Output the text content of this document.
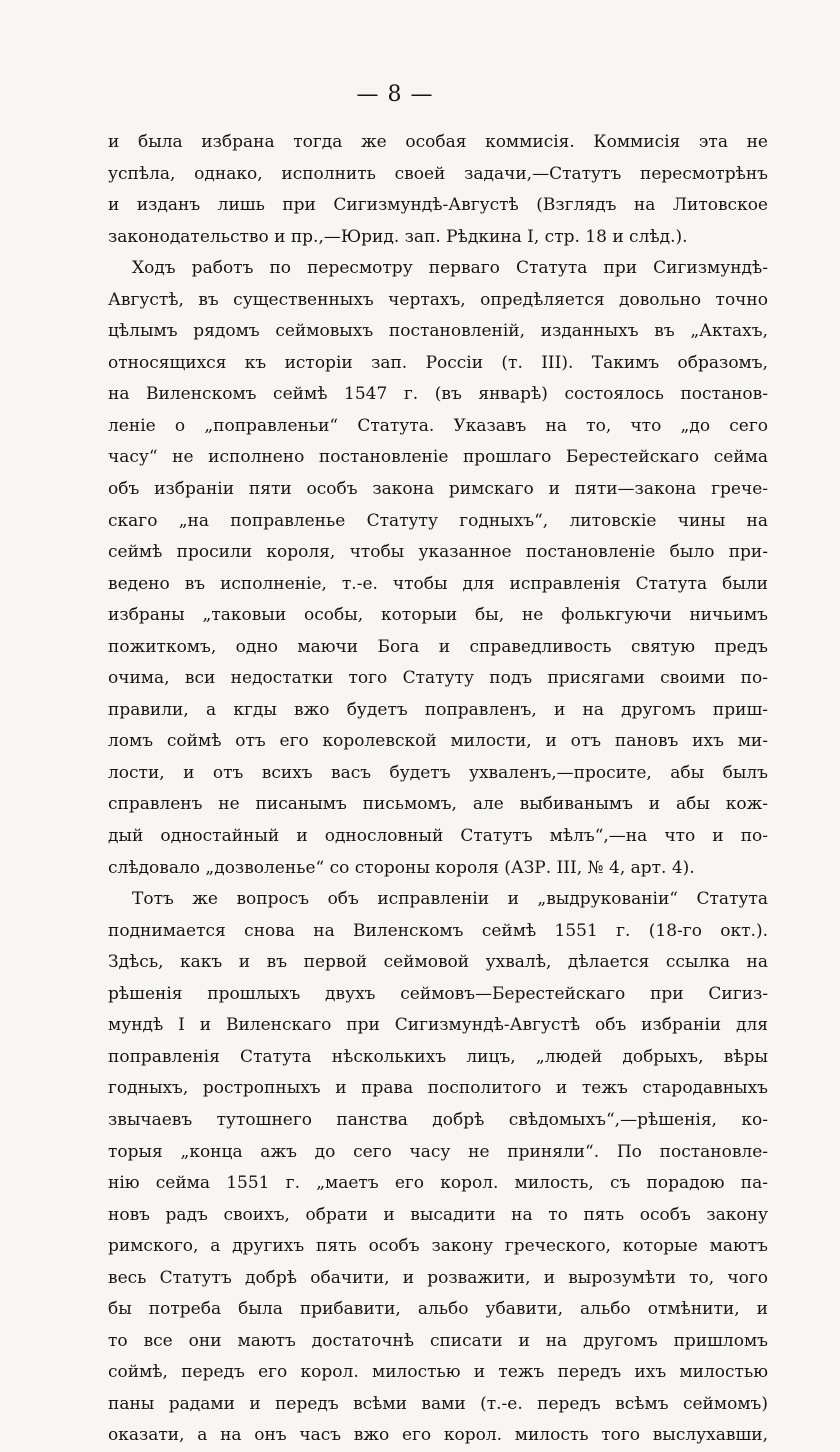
— 8 —
и была избрана тогда же особая коммисія. Коммисія эта не
успѣла, однако, исполнить своей задачи,—Статутъ пересмотрѣнъ
и изданъ лишь при Сигизмундѣ-Августѣ (Взглядъ на Литовское
законодательство и пр.,—Юрид. зап. Рѣдкина I, стр. 18 и слѣд.).
Ходъ работъ по пересмотру перваго Статута при Сигизмундѣ-
Августѣ, въ существенныхъ чертахъ, опредѣляется довольно точно
цѣлымъ рядомъ сеймовыхъ постановленій, изданныхъ въ „Актахъ,
относящихся къ исторіи зап. Россіи (т. III). Такимъ образомъ,
на Виленскомъ сеймѣ 1547 г. (въ январѣ) состоялось постанов-
леніе о „поправленьи“ Статута. Указавъ на то, что „до сего
часу“ не исполнено постановленіе прошлаго Берестейскаго сейма
объ избраніи пяти особъ закона римскаго и пяти—закона грече-
скаго „на поправленье Статуту годныхъ“, литовскіе чины на
сеймѣ просили короля, чтобы указанное постановленіе было при-
ведено въ исполненіе, т.-е. чтобы для исправленія Статута были
избраны „таковыи особы, которыи бы, не фолькгуючи ничьимъ
пожиткомъ, одно маючи Бога и справедливость святую предъ
очима, вси недостатки того Статуту подъ присягами своими по-
правили, а кгды вжо будетъ поправленъ, и на другомъ приш-
ломъ соймѣ отъ его королевской милости, и отъ пановъ ихъ ми-
лости, и отъ всихъ васъ будетъ ухваленъ,—просите, абы былъ
справленъ не писанымъ письмомъ, але выбиванымъ и абы кож-
дый одностайный и однословный Статутъ мѣлъ“,—на что и по-
слѣдовало „дозволенье“ со стороны короля (АЗР. III, № 4, арт. 4).
Тотъ же вопросъ объ исправленіи и „выдрукованіи“ Статута
поднимается снова на Виленскомъ сеймѣ 1551 г. (18-го окт.).
Здѣсь, какъ и въ первой сеймовой ухвалѣ, дѣлается ссылка на
рѣшенія прошлыхъ двухъ сеймовъ—Берестейскаго при Сигиз-
мундѣ I и Виленскаго при Сигизмундѣ-Августѣ объ избраніи для
поправленія Статута нѣсколькихъ лицъ, „людей добрыхъ, вѣры
годныхъ, ростропныхъ и права посполитого и тежъ стародавныхъ
звычаевъ тутошнего панства добрѣ свѣдомыхъ“,—рѣшенія, ко-
торыя „конца ажъ до сего часу не приняли“. По постановле-
нію сейма 1551 г. „маетъ его корол. милость, съ порадою па-
новъ радъ своихъ, обрати и высадити на то пять особъ закону
римского, а другихъ пять особъ закону греческого, которые маютъ
весь Статутъ добрѣ обачити, и розважити, и вырозумѣти то, чого
бы потреба была прибавити, альбо убавити, альбо отмѣнити, и
то все они маютъ достаточнѣ списати и на другомъ пришломъ
соймѣ, передъ его корол. милостью и тежъ передъ ихъ милостью
паны радами и передъ всѣми вами (т.-е. передъ всѣмъ сеймомъ)
оказати, а на онъ часъ вжо его корол. милость того выслухавши,
